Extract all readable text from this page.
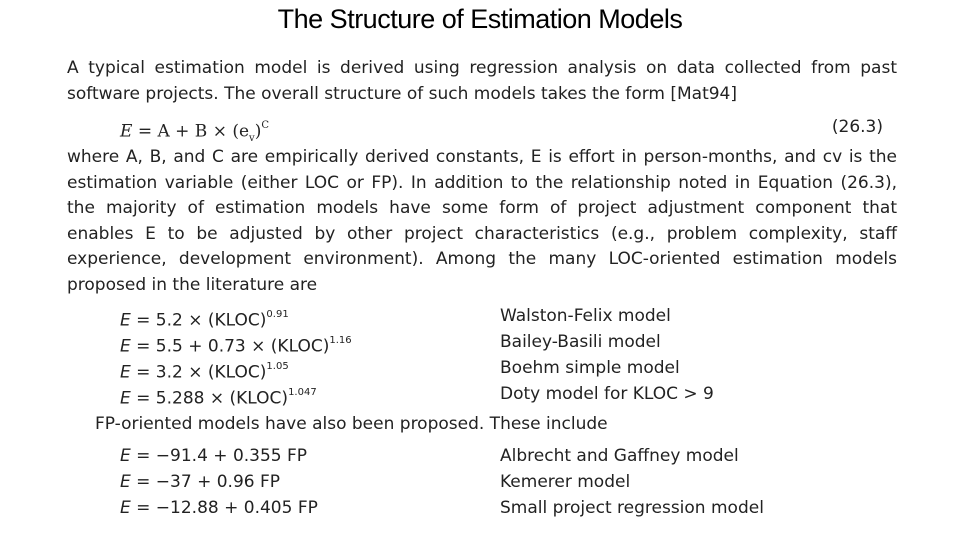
The Structure of Estimation Models

A typical estimation model is derived using regression analysis on data collected from past software projects. The overall structure of such models takes the form [Mat94]

$E = A + B \times (e_v)^C$	(26.3)

where A, B, and C are empirically derived constants, E is effort in person-months, and cv is the estimation variable (either LOC or FP). In addition to the relationship noted in Equation (26.3), the majority of estimation models have some form of project adjustment component that enables E to be adjusted by other project characteristics (e.g., problem complexity, staff experience, development environment). Among the many LOC-oriented estimation models proposed in the literature are

E = 5.2 × (KLOC)$^{0.91}$	Walston-Felix model
E = 5.5 + 0.73 × (KLOC)$^{1.16}$	Bailey-Basili model
E = 3.2 × (KLOC)$^{1.05}$	Boehm simple model
E = 5.288 × (KLOC)$^{1.047}$	Doty model for KLOC > 9

FP-oriented models have also been proposed. These include

E = −91.4 + 0.355 FP	Albrecht and Gaffney model
E = −37 + 0.96 FP	Kemerer model
E = −12.88 + 0.405 FP	Small project regression model
